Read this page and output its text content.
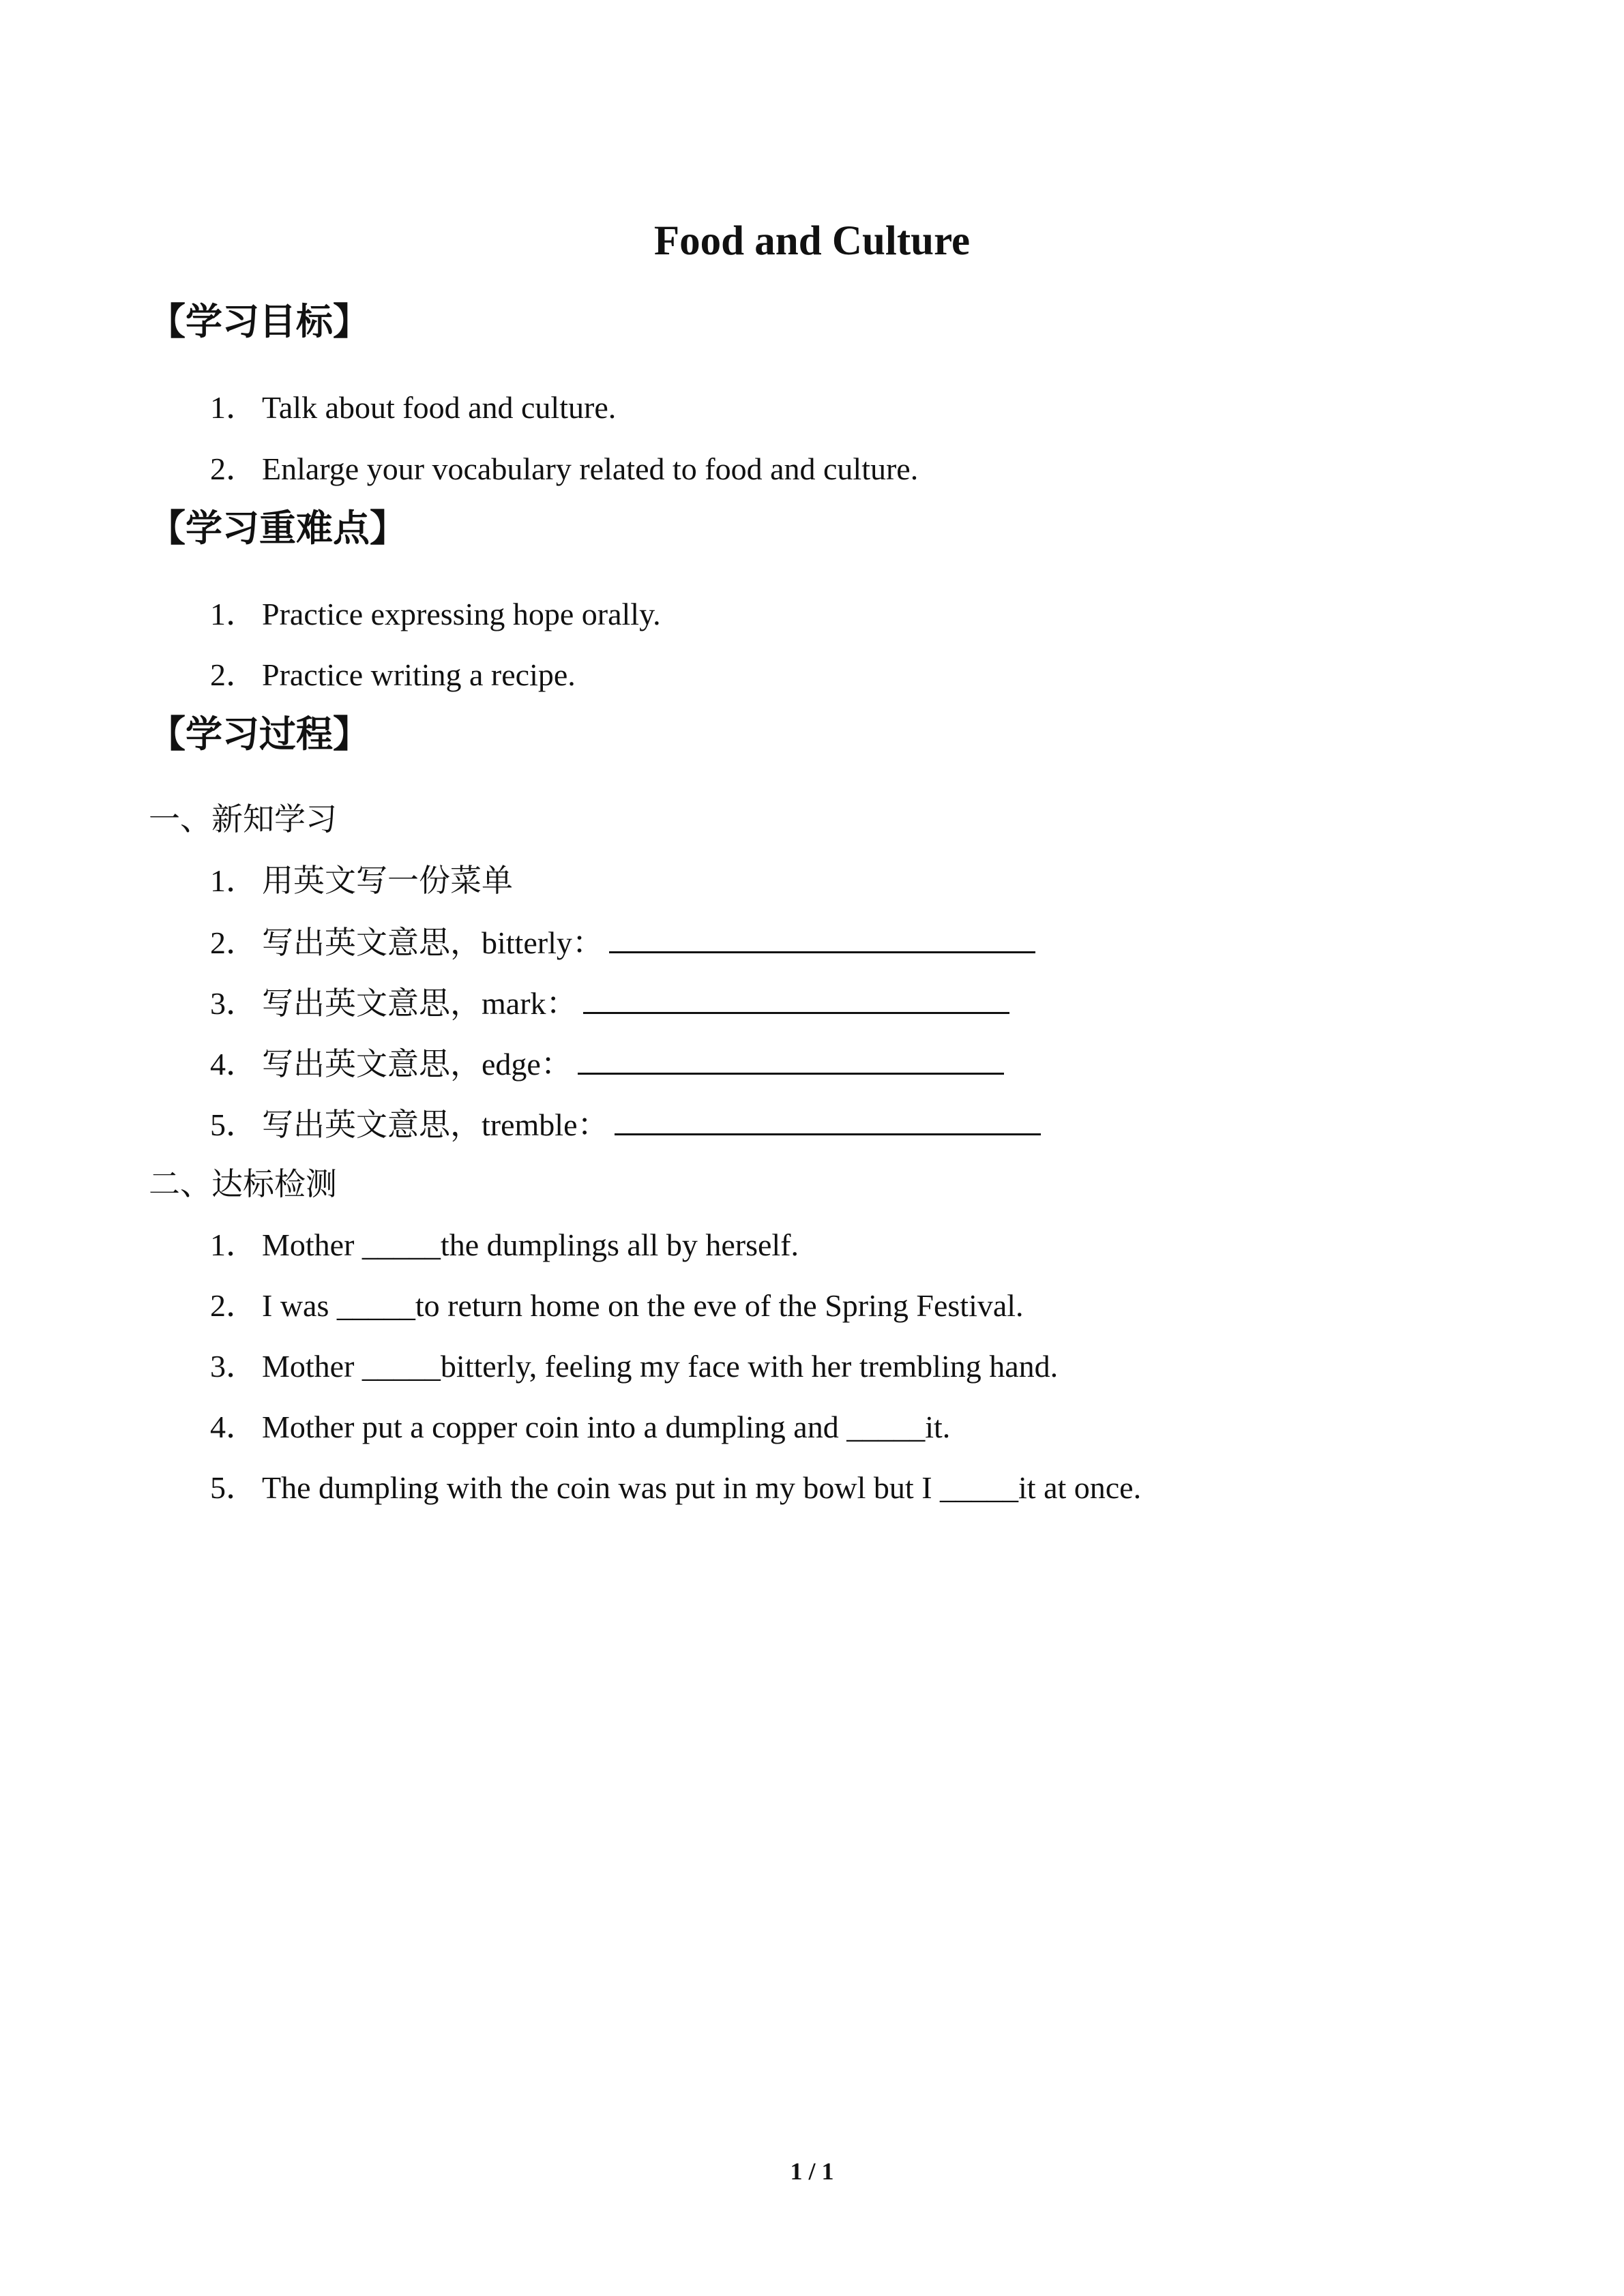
Food and Culture
【学习目标】
1． Talk about food and culture.
2． Enlarge your vocabulary related to food and culture.
【学习重难点】
1． Practice expressing hope orally.
2． Practice writing a recipe.
【学习过程】
一、新知学习
1． 用英文写一份菜单
2． 写出英文意思，bitterly：
3． 写出英文意思，mark：
4． 写出英文意思，edge：
5． 写出英文意思，tremble：
二、达标检测
1． Mother _____the dumplings all by herself.
2． I was _____to return home on the eve of the Spring Festival.
3． Mother _____bitterly, feeling my face with her trembling hand.
4． Mother put a copper coin into a dumpling and _____it.
5． The dumpling with the coin was put in my bowl but I _____it at once.
1 / 1
